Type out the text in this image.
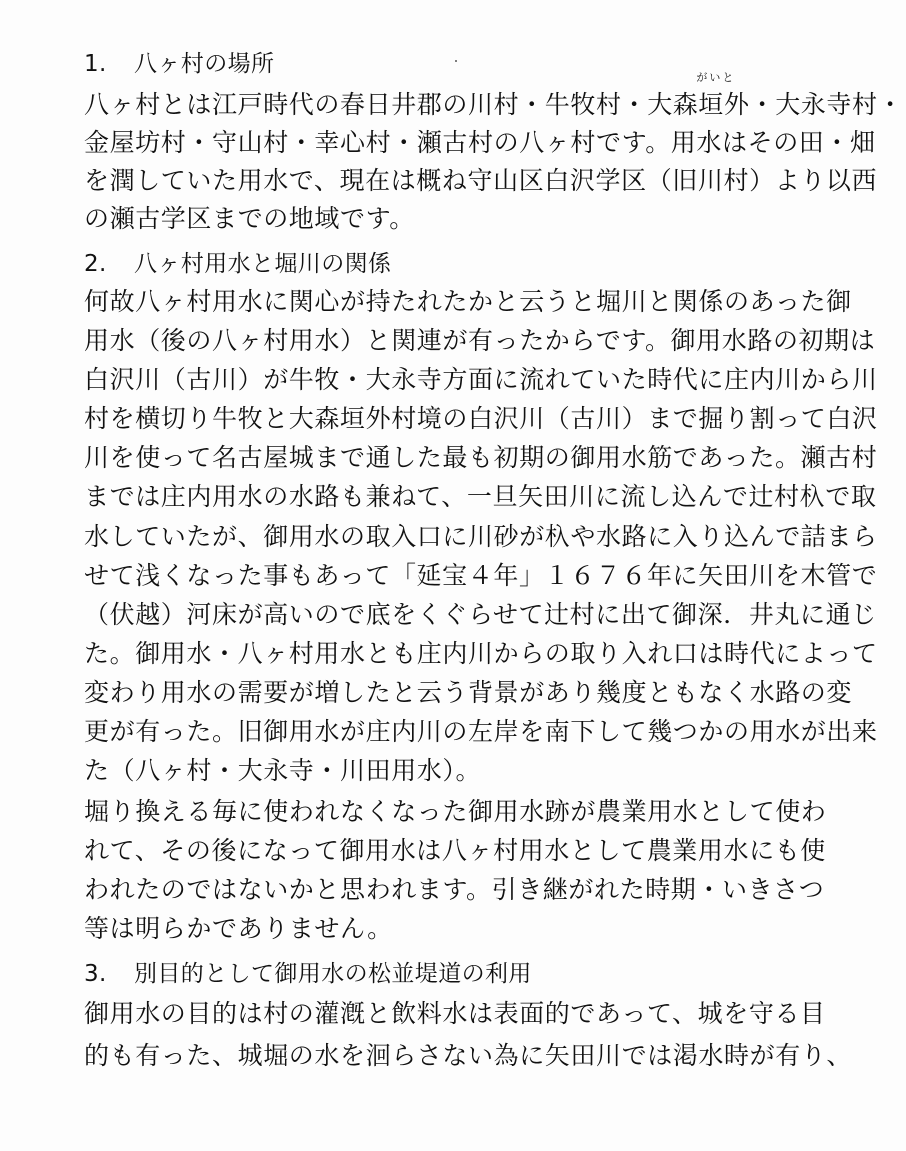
1. 八ヶ村の場所

八ヶ村とは江戸時代の春日井郡の川村・牛牧村・大森
がいと
垣外・大永寺村・

金屋坊村・守山村・幸心村・瀬古村の八ヶ村です。用水はその田・畑

を潤していた用水で、現在は概ね守山区白沢学区（旧川村）より以西

の瀬古学区までの地域です。

2. 八ヶ村用水と堀川の関係

何故八ヶ村用水に関心が持たれたかと云うと堀川と関係のあった御

用水（後の八ヶ村用水）と関連が有ったからです。御用水路の初期は

白沢川（古川）が牛牧・大永寺方面に流れていた時代に庄内川から川

村を横切り牛牧と大森垣外村境の白沢川（古川）まで掘り割って白沢

川を使って名古屋城まで通した最も初期の御用水筋であった。瀬古村

までは庄内用水の水路も兼ねて、一旦矢田川に流し込んで辻村杁で取

水していたが、御用水の取入口に川砂が杁や水路に入り込んで詰まら

せて浅くなった事もあって「延宝４年」１６７６年に矢田川を木管で

（伏越）河床が高いので底をくぐらせて辻村に出て御深．井丸に通じ

た。御用水・八ヶ村用水とも庄内川からの取り入れ口は時代によって

変わり用水の需要が増したと云う背景があり幾度ともなく水路の変

更が有った。旧御用水が庄内川の左岸を南下して幾つかの用水が出来

た（八ヶ村・大永寺・川田用水）。

堀り換える毎に使われなくなった御用水跡が農業用水として使わ

れて、その後になって御用水は八ヶ村用水として農業用水にも使

われたのではないかと思われます。引き継がれた時期・いきさつ

等は明らかでありません。

3. 別目的として御用水の松並堤道の利用

御用水の目的は村の灌漑と飲料水は表面的であって、城を守る目

的も有った、城堀の水を洄らさない為に矢田川では渇水時が有り、
